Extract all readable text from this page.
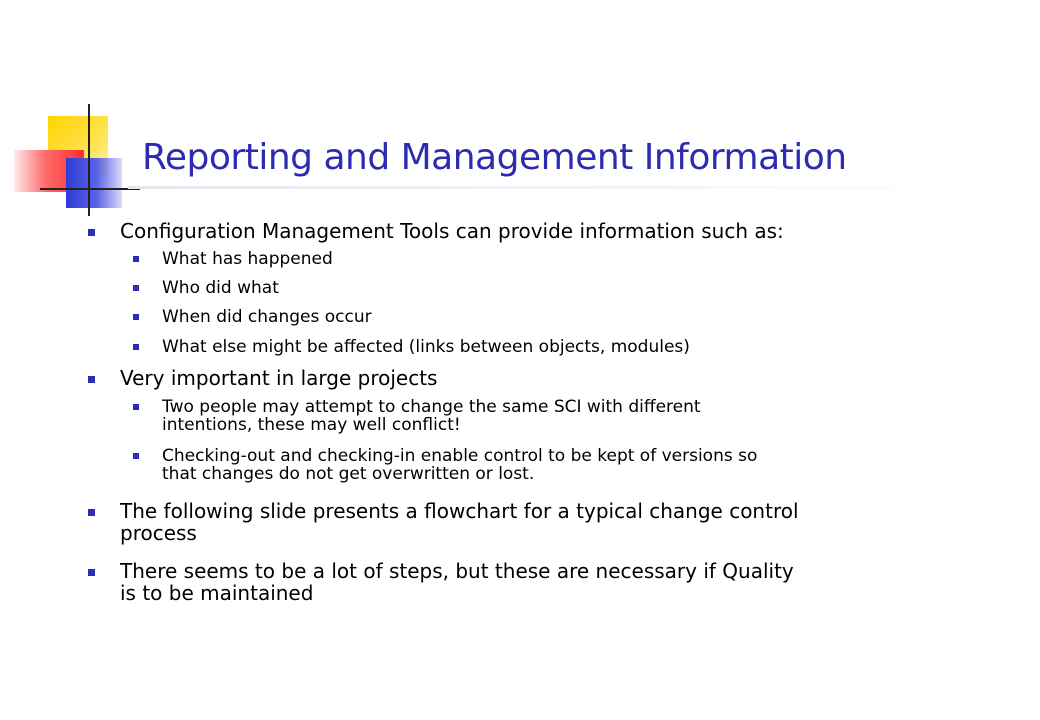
Reporting and Management Information
Configuration Management Tools can provide information such as:
What has happened
Who did what
When did changes occur
What else might be affected (links between objects, modules)
Very important in large projects
Two people may attempt to change the same SCI with different
intentions, these may well conflict!
Checking-out and checking-in enable control to be kept of versions so
that changes do not get overwritten or lost.
The following slide presents a flowchart for a typical change control
process
There seems to be a lot of steps, but these are necessary if Quality
is to be maintained
